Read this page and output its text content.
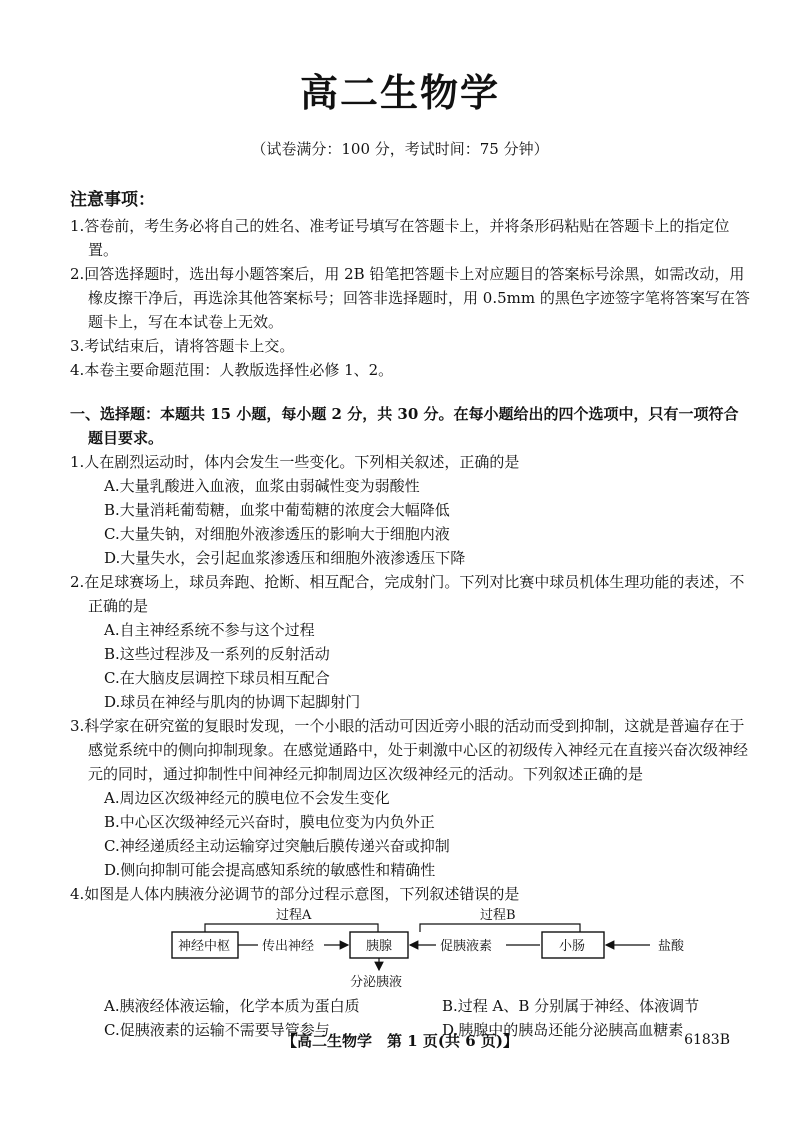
高二生物学

（试卷满分：100 分，考试时间：75 分钟）

注意事项：

1.答卷前，考生务必将自己的姓名、准考证号填写在答题卡上，并将条形码粘贴在答题卡上的指定位置。

2.回答选择题时，选出每小题答案后，用 2B 铅笔把答题卡上对应题目的答案标号涂黑，如需改动，用橡皮擦干净后，再选涂其他答案标号；回答非选择题时，用 0.5mm 的黑色字迹签字笔将答案写在答题卡上，写在本试卷上无效。

3.考试结束后，请将答题卡上交。

4.本卷主要命题范围：人教版选择性必修 1、2。

一、选择题：本题共 15 小题，每小题 2 分，共 30 分。在每小题给出的四个选项中，只有一项符合题目要求。

1.人在剧烈运动时，体内会发生一些变化。下列相关叙述，正确的是

A.大量乳酸进入血液，血浆由弱碱性变为弱酸性

B.大量消耗葡萄糖，血浆中葡萄糖的浓度会大幅降低

C.大量失钠，对细胞外液渗透压的影响大于细胞内液

D.大量失水，会引起血浆渗透压和细胞外液渗透压下降

2.在足球赛场上，球员奔跑、抢断、相互配合，完成射门。下列对比赛中球员机体生理功能的表述，不正确的是

A.自主神经系统不参与这个过程

B.这些过程涉及一系列的反射活动

C.在大脑皮层调控下球员相互配合

D.球员在神经与肌肉的协调下起脚射门

3.科学家在研究鲎的复眼时发现，一个小眼的活动可因近旁小眼的活动而受到抑制，这就是普遍存在于感觉系统中的侧向抑制现象。在感觉通路中，处于刺激中心区的初级传入神经元在直接兴奋次级神经元的同时，通过抑制性中间神经元抑制周边区次级神经元的活动。下列叙述正确的是

A.周边区次级神经元的膜电位不会发生变化

B.中心区次级神经元兴奋时，膜电位变为内负外正

C.神经递质经主动运输穿过突触后膜传递兴奋或抑制

D.侧向抑制可能会提高感知系统的敏感性和精确性

4.如图是人体内胰液分泌调节的部分过程示意图，下列叙述错误的是

过程A	过程B
神经中枢 传出神经	胰腺	促胰液素	小肠	盐酸
分泌胰液
A.胰液经体液运输，化学本质为蛋白质	B.过程 A、B 分别属于神经、体液调节
C.促胰液素的运输不需要导管参与	D.胰腺中的胰岛还能分泌胰高血糖素

【高二生物学　第 1 页(共 6 页)】	6183B
